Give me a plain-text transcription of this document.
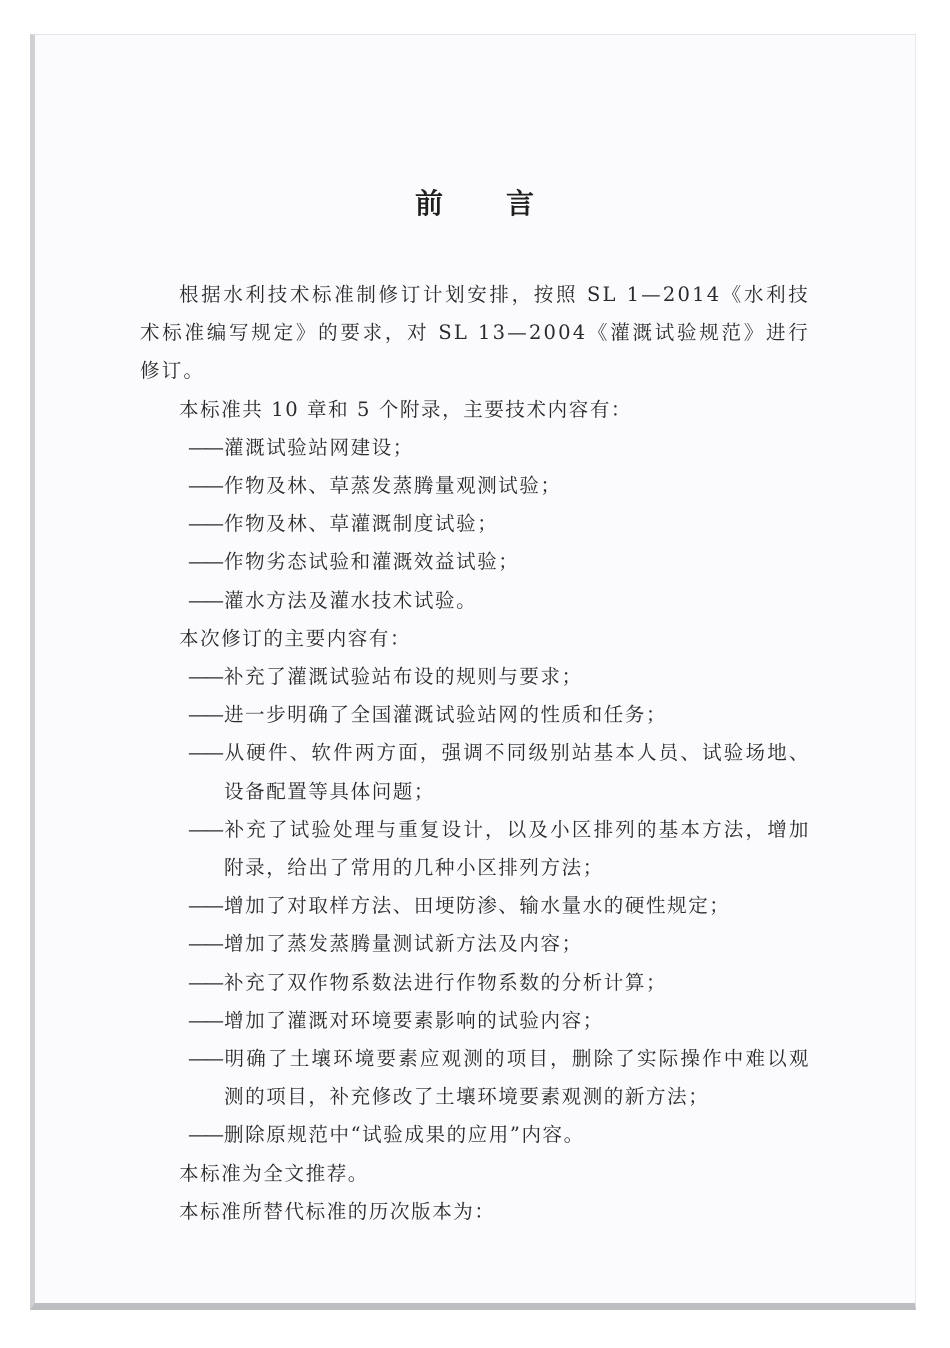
前 言

根据水利技术标准制修订计划安排，按照 SL 1—2014《水利技术标准编写规定》的要求，对 SL 13—2004《灌溉试验规范》进行修订。

本标准共 10 章和 5 个附录，主要技术内容有：

——灌溉试验站网建设；

——作物及林、草蒸发蒸腾量观测试验；

——作物及林、草灌溉制度试验；

——作物劣态试验和灌溉效益试验；

——灌水方法及灌水技术试验。

本次修订的主要内容有：

——补充了灌溉试验站布设的规则与要求；

——进一步明确了全国灌溉试验站网的性质和任务；

——从硬件、软件两方面，强调不同级别站基本人员、试验场地、设备配置等具体问题；

——补充了试验处理与重复设计，以及小区排列的基本方法，增加附录，给出了常用的几种小区排列方法；

——增加了对取样方法、田埂防渗、输水量水的硬性规定；

——增加了蒸发蒸腾量测试新方法及内容；

——补充了双作物系数法进行作物系数的分析计算；

——增加了灌溉对环境要素影响的试验内容；

——明确了土壤环境要素应观测的项目，删除了实际操作中难以观测的项目，补充修改了土壤环境要素观测的新方法；

——删除原规范中“试验成果的应用”内容。

本标准为全文推荐。

本标准所替代标准的历次版本为：
